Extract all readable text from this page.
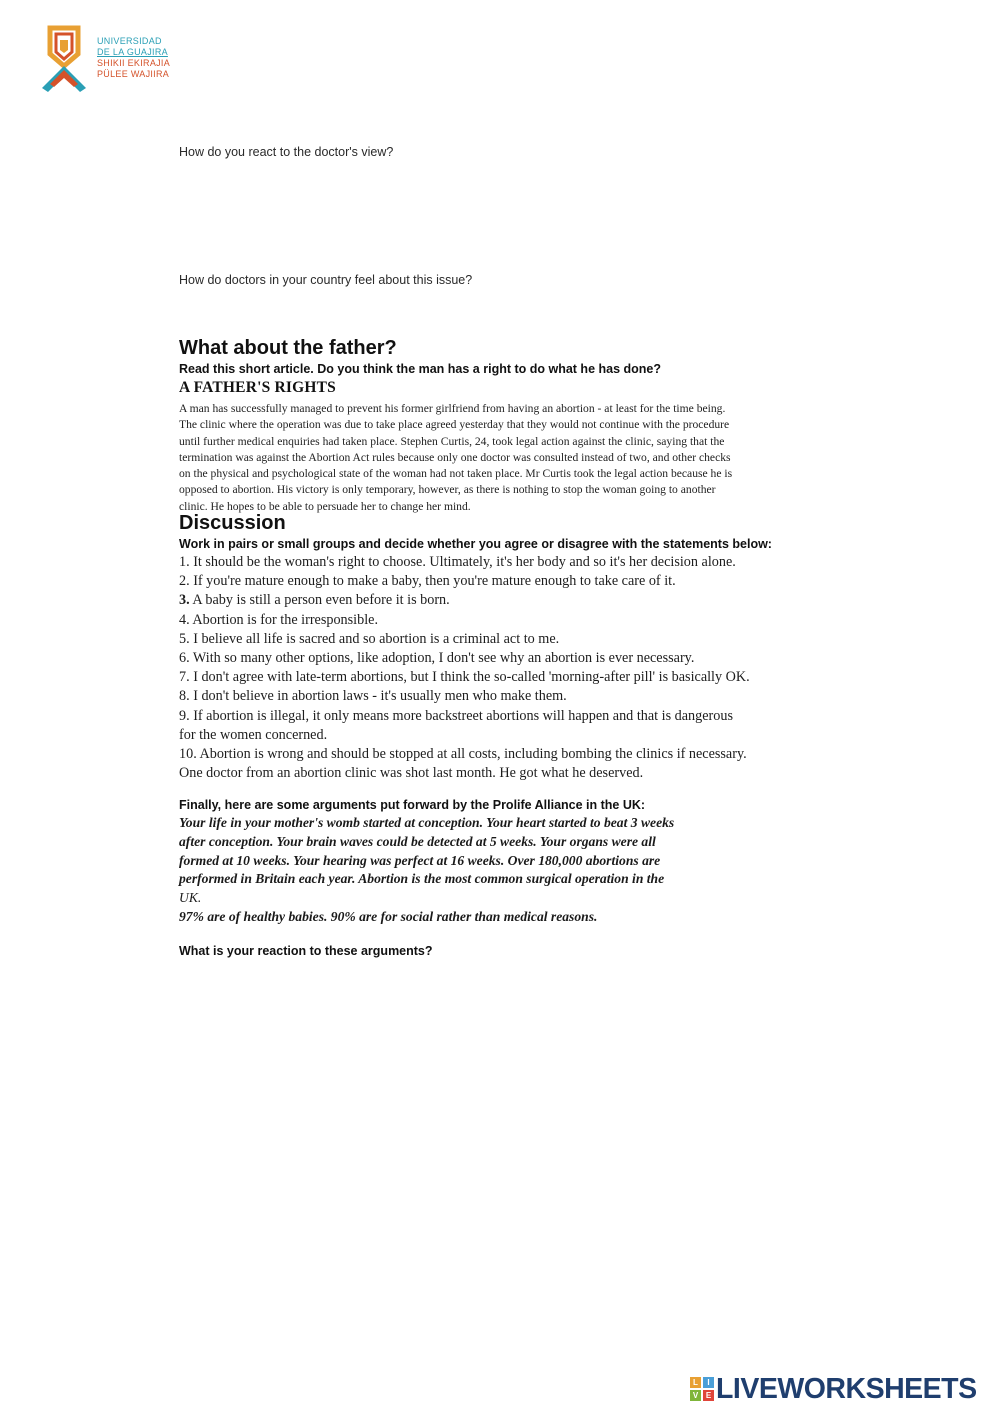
UNIVERSIDAD
DE LA GUAJIRA
SHIKII EKIRAJIA
PÜLEE WAJIIRA
How do you react to the doctor's view?
How do doctors in your country feel about this issue?
What about the father?
Read this short article. Do you think the man has a right to do what he has done?
A FATHER'S RIGHTS
A man has successfully managed to prevent his former girlfriend from having an abortion - at least for the time being.
The clinic where the operation was due to take place agreed yesterday that they would not continue with the procedure
until further medical enquiries had taken place. Stephen Curtis, 24, took legal action against the clinic, saying that the
termination was against the Abortion Act rules because only one doctor was consulted instead of two, and other checks
on the physical and psychological state of the woman had not taken place. Mr Curtis took the legal action because he is
opposed to abortion. His victory is only temporary, however, as there is nothing to stop the woman going to another
clinic. He hopes to be able to persuade her to change her mind.
Discussion
Work in pairs or small groups and decide whether you agree or disagree with the statements below:
1. It should be the woman's right to choose. Ultimately, it's her body and so it's her decision alone.
2. If you're mature enough to make a baby, then you're mature enough to take care of it.
3. A baby is still a person even before it is born.
4. Abortion is for the irresponsible.
5. I believe all life is sacred and so abortion is a criminal act to me.
6. With so many other options, like adoption, I don't see why an abortion is ever necessary.
7. I don't agree with late-term abortions, but I think the so-called 'morning-after pill' is basically OK.
8. I don't believe in abortion laws - it's usually men who make them.
9. If abortion is illegal, it only means more backstreet abortions will happen and that is dangerous
for the women concerned.
10. Abortion is wrong and should be stopped at all costs, including bombing the clinics if necessary.
One doctor from an abortion clinic was shot last month. He got what he deserved.
Finally, here are some arguments put forward by the Prolife Alliance in the UK:
Your life in your mother's womb started at conception. Your heart started to beat 3 weeks
after conception. Your brain waves could be detected at 5 weeks. Your organs were all
formed at 10 weeks. Your hearing was perfect at 16 weeks. Over 180,000 abortions are
performed in Britain each year. Abortion is the most common surgical operation in the
UK.
97% are of healthy babies. 90% are for social rather than medical reasons.
What is your reaction to these arguments?
L	I
V E LIVEWORKSHEETS
